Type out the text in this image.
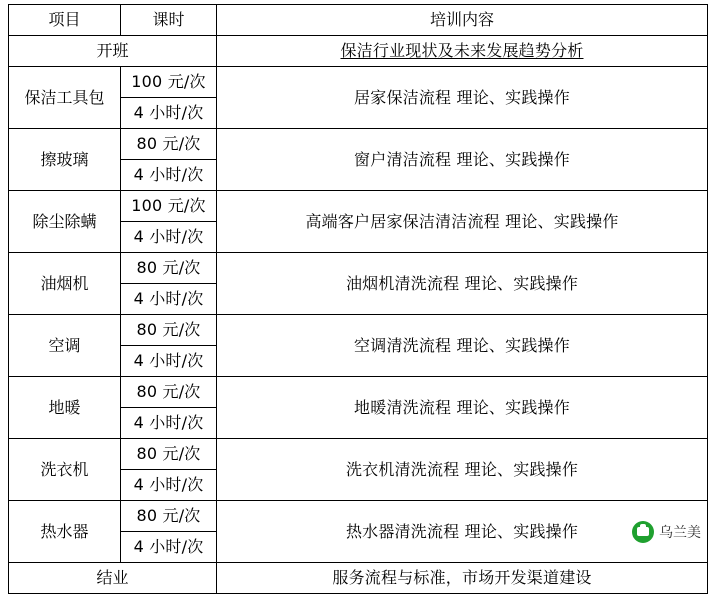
项目	课时	培训内容

开班		保洁行业现状及未来发展趋势分析

保洁工具包	100 元/次	居家保洁流程 理论、实践操作

	4 小时/次	

擦玻璃	80 元/次	窗户清洁流程 理论、实践操作

	4 小时/次	

除尘除螨	100 元/次	高端客户居家保洁清洁流程 理论、实践操作

	4 小时/次	

油烟机	80 元/次	油烟机清洗流程 理论、实践操作

	4 小时/次	

空调	80 元/次	空调清洗流程 理论、实践操作

	4 小时/次	

地暖	80 元/次	地暖清洗流程 理论、实践操作

	4 小时/次	

洗衣机	80 元/次	洗衣机清洗流程 理论、实践操作

	4 小时/次	

热水器	80 元/次	热水器清洗流程 理论、实践操作

	4 小时/次	

结业		服务流程与标准，市场开发渠道建设
乌兰美
